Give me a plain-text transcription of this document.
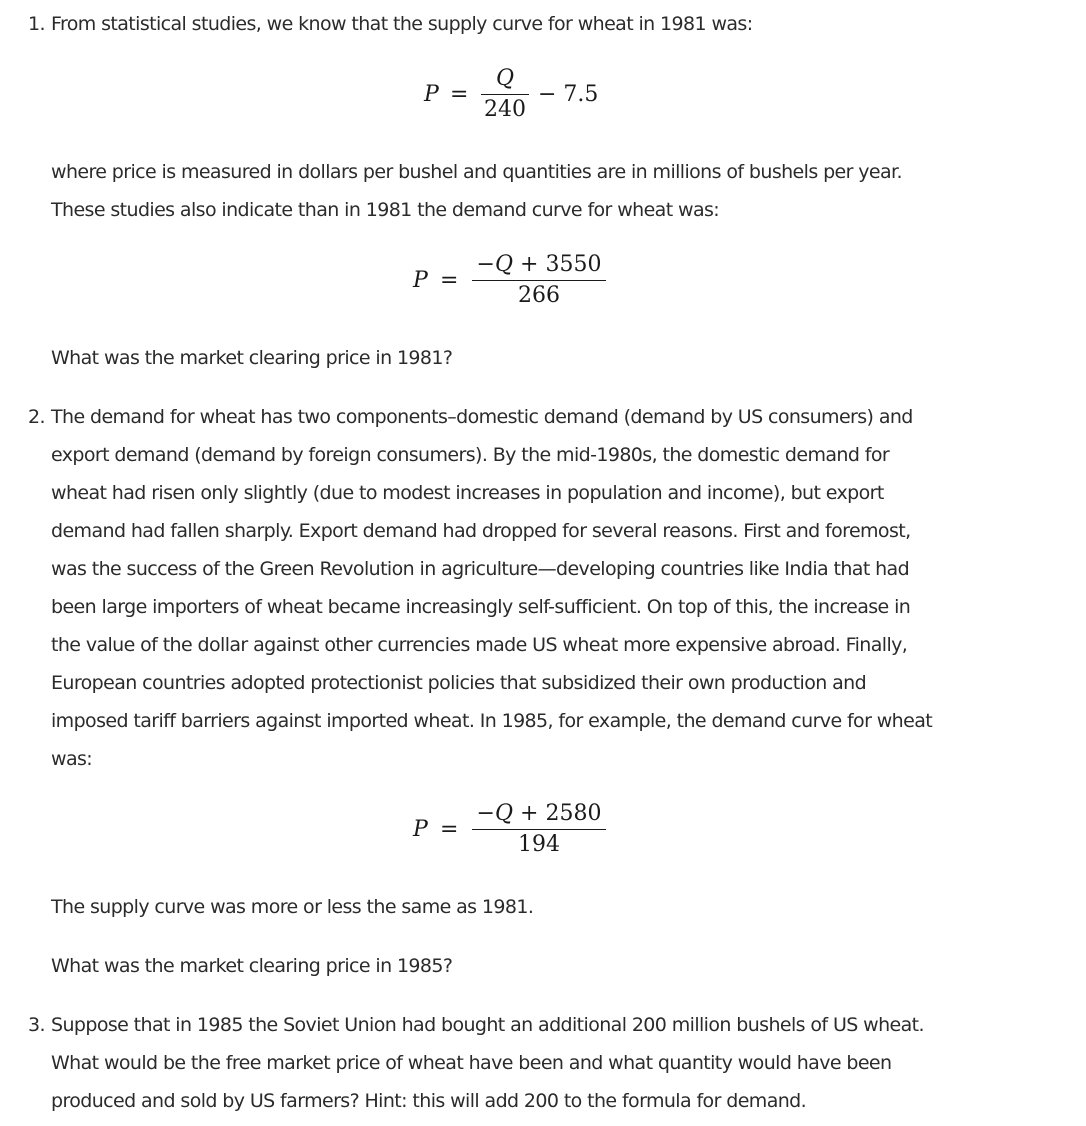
1. From statistical studies, we know that the supply curve for wheat in 1981 was:
P =
Q
240
− 7.5
where price is measured in dollars per bushel and quantities are in millions of bushels per year.
These studies also indicate than in 1981 the demand curve for wheat was:
P =
−Q + 3550
266
What was the market clearing price in 1981?
2. The demand for wheat has two components–domestic demand (demand by US consumers) and
export demand (demand by foreign consumers). By the mid-1980s, the domestic demand for
wheat had risen only slightly (due to modest increases in population and income), but export
demand had fallen sharply. Export demand had dropped for several reasons. First and foremost,
was the success of the Green Revolution in agriculture—developing countries like India that had
been large importers of wheat became increasingly self-sufficient. On top of this, the increase in
the value of the dollar against other currencies made US wheat more expensive abroad. Finally,
European countries adopted protectionist policies that subsidized their own production and
imposed tariff barriers against imported wheat. In 1985, for example, the demand curve for wheat
was:
P =
−Q + 2580
194
The supply curve was more or less the same as 1981.
What was the market clearing price in 1985?
3. Suppose that in 1985 the Soviet Union had bought an additional 200 million bushels of US wheat.
What would be the free market price of wheat have been and what quantity would have been
produced and sold by US farmers? Hint: this will add 200 to the formula for demand.
